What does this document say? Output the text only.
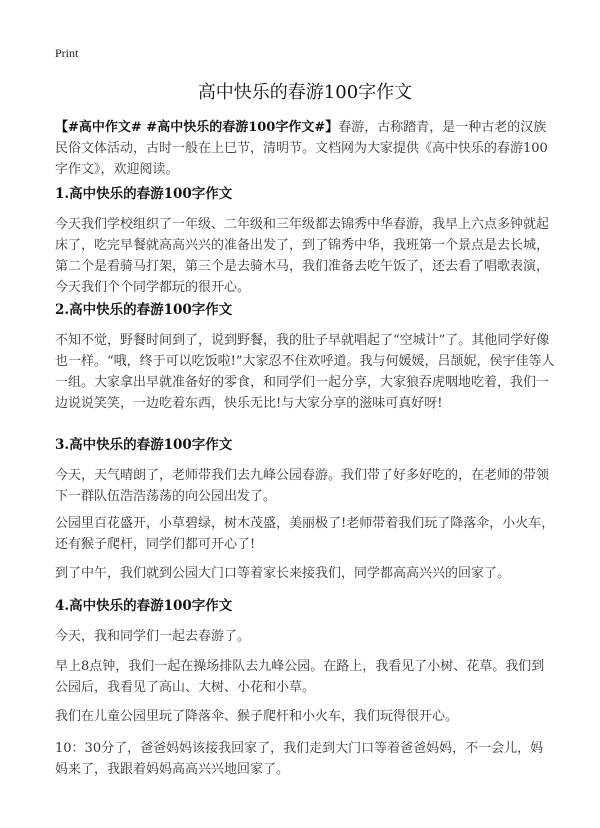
Print
高中快乐的春游100字作文

【#高中作文# #高中快乐的春游100字作文#】春游，古称踏青，是一种古老的汉族民俗文体活动，古时一般在上巳节，清明节。文档网为大家提供《高中快乐的春游100字作文》，欢迎阅读。

1.高中快乐的春游100字作文

今天我们学校组织了一年级、二年级和三年级都去锦秀中华春游，我早上六点多钟就起床了，吃完早餐就高高兴兴的准备出发了，到了锦秀中华，我班第一个景点是去长城，第二个是看骑马打架，第三个是去骑木马，我们准备去吃午饭了，还去看了唱歌表演，今天我们个个同学都玩的很开心。

2.高中快乐的春游100字作文

不知不觉，野餐时间到了，说到野餐，我的肚子早就唱起了“空城计”了。其他同学好像也一样。“哦，终于可以吃饭啦!”大家忍不住欢呼道。我与何媛媛，吕颉妮，侯宇佳等人一组。大家拿出早就准备好的零食，和同学们一起分享，大家狼吞虎咽地吃着，我们一边说说笑笑，一边吃着东西，快乐无比!与大家分享的滋味可真好呀!

3.高中快乐的春游100字作文

今天，天气晴朗了，老师带我们去九峰公园春游。我们带了好多好吃的，在老师的带领下一群队伍浩浩荡荡的向公园出发了。

公园里百花盛开，小草碧绿，树木茂盛，美丽极了!老师带着我们玩了降落伞，小火车，还有猴子爬杆，同学们都可开心了!

到了中午，我们就到公园大门口等着家长来接我们，同学都高高兴兴的回家了。

4.高中快乐的春游100字作文

今天，我和同学们一起去春游了。

早上8点钟，我们一起在操场排队去九峰公园。在路上，我看见了小树、花草。我们到公园后，我看见了高山、大树、小花和小草。

我们在儿童公园里玩了降落伞、猴子爬杆和小火车，我们玩得很开心。

10：30分了，爸爸妈妈该接我回家了，我们走到大门口等着爸爸妈妈，不一会儿，妈妈来了，我跟着妈妈高高兴兴地回家了。
